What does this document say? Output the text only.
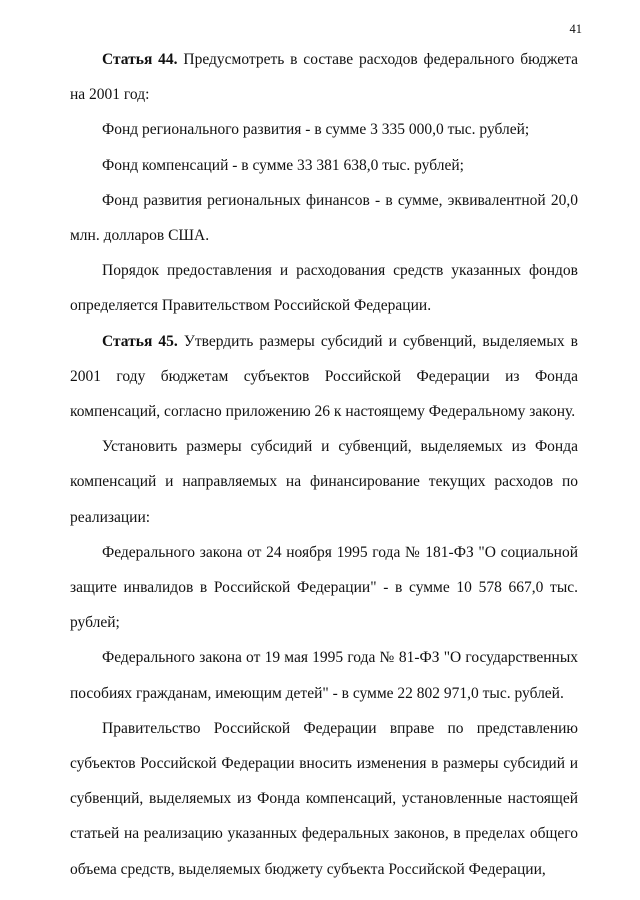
41

Статья 44. Предусмотреть в составе расходов федерального бюджета на 2001 год:

Фонд регионального развития - в сумме 3 335 000,0 тыс. рублей;

Фонд компенсаций - в сумме 33 381 638,0 тыс. рублей;

Фонд развития региональных финансов - в сумме, эквивалентной 20,0 млн. долларов США.

Порядок предоставления и расходования средств указанных фондов определяется Правительством Российской Федерации.

Статья 45. Утвердить размеры субсидий и субвенций, выделяемых в 2001 году бюджетам субъектов Российской Федерации из Фонда компенсаций, согласно приложению 26 к настоящему Федеральному закону.

Установить размеры субсидий и субвенций, выделяемых из Фонда компенсаций и направляемых на финансирование текущих расходов по реализации:

Федерального закона от 24 ноября 1995 года № 181-ФЗ "О социальной защите инвалидов в Российской Федерации" - в сумме 10 578 667,0 тыс. рублей;

Федерального закона от 19 мая 1995 года № 81-ФЗ "О государственных пособиях гражданам, имеющим детей" - в сумме 22 802 971,0 тыс. рублей.

Правительство Российской Федерации вправе по представлению субъектов Российской Федерации вносить изменения в размеры субсидий и субвенций, выделяемых из Фонда компенсаций, установленные настоящей статьей на реализацию указанных федеральных законов, в пределах общего объема средств, выделяемых бюджету субъекта Российской Федерации,
